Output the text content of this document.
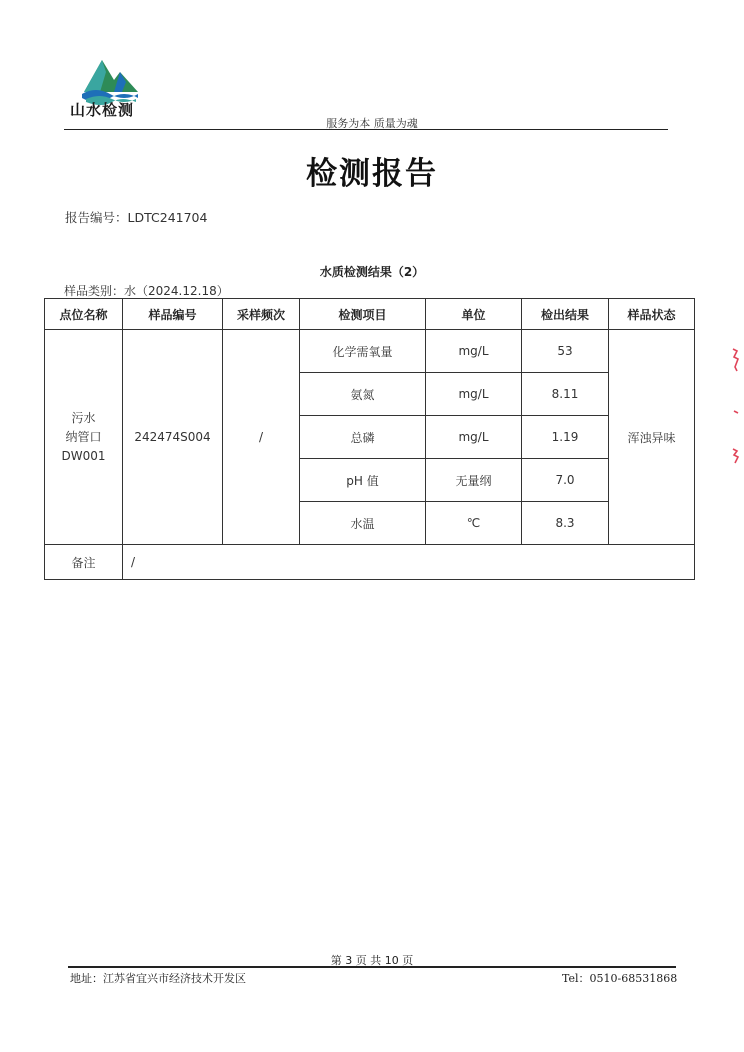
山水检测
服务为本 质量为魂
检测报告
报告编号：LDTC241704
水质检测结果（2）
样品类别：水（2024.12.18）
点位名称	样品编号	采样频次	检测项目	单位	检出结果	样品状态

污水
纳管口
DW001	242474S004	/	化学需氧量	mg/L	53	浑浊异味
			氨氮	mg/L	8.11	
			总磷	mg/L	1.19	
			pH 值	无量纲	7.0	
			水温	℃	8.3	
备注	/					
第 3 页 共 10 页
地址：江苏省宜兴市经济技术开发区	Tel：0510-68531868
